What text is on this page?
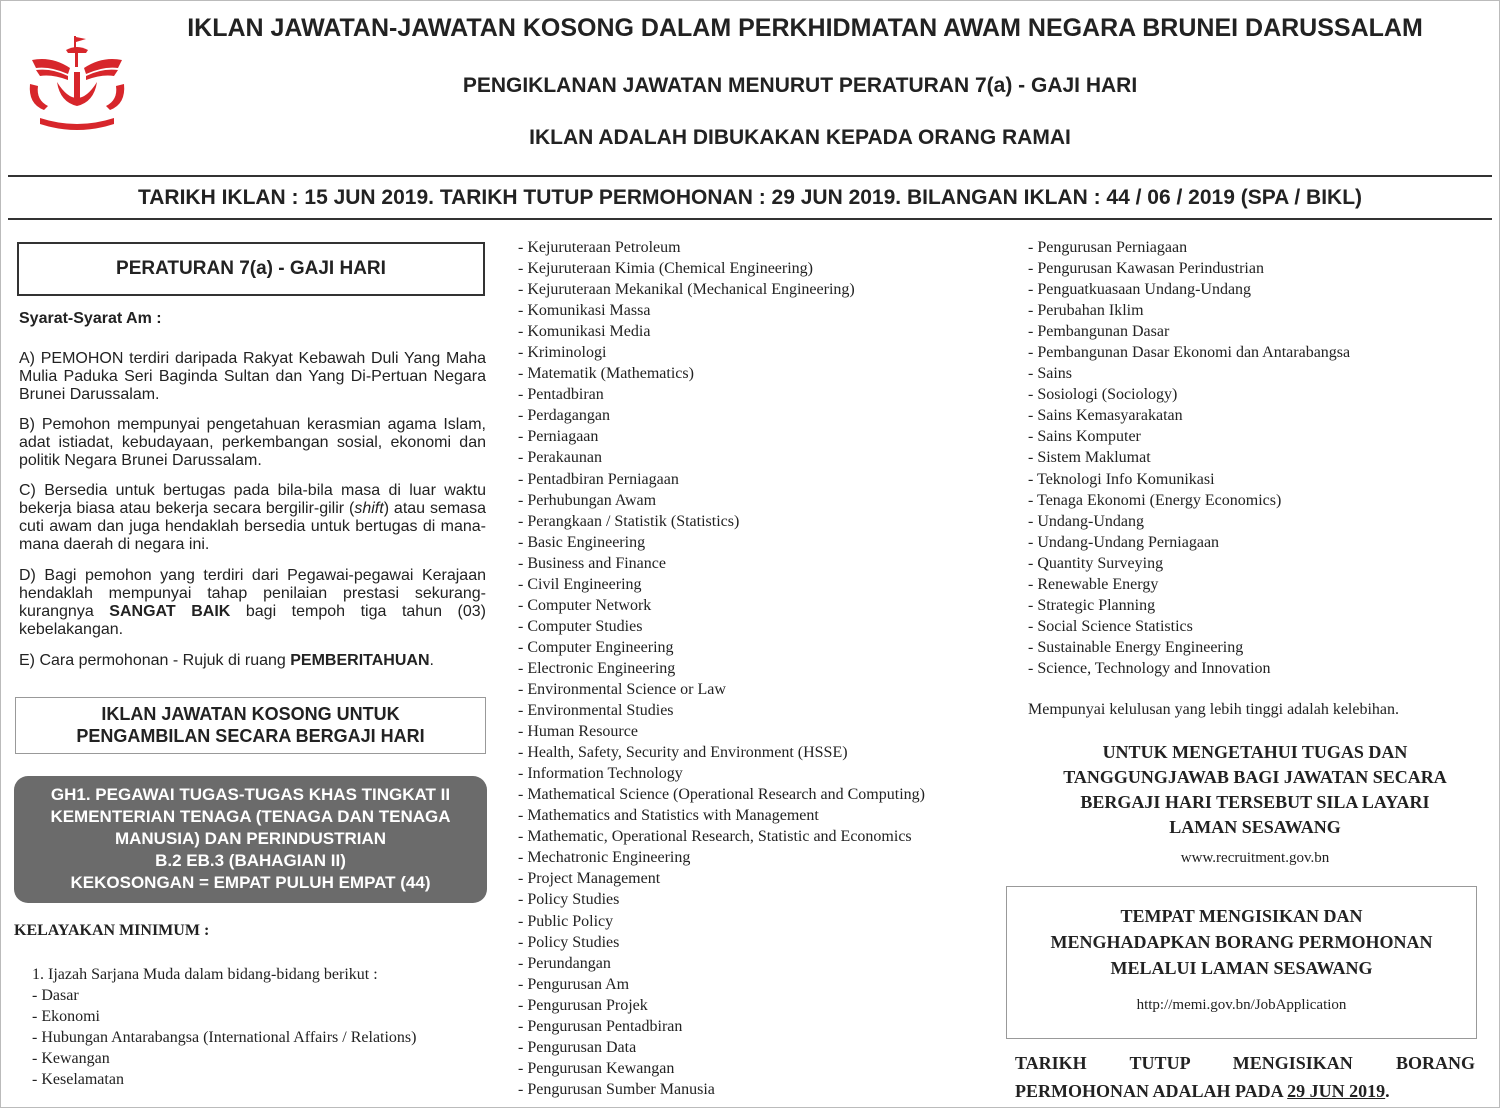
IKLAN JAWATAN-JAWATAN KOSONG DALAM PERKHIDMATAN AWAM NEGARA BRUNEI DARUSSALAM
PENGIKLANAN JAWATAN MENURUT PERATURAN 7(a) - GAJI HARI
IKLAN ADALAH DIBUKAKAN KEPADA ORANG RAMAI
TARIKH IKLAN : 15 JUN 2019. TARIKH TUTUP PERMOHONAN : 29 JUN 2019. BILANGAN IKLAN : 44 / 06 / 2019 (SPA / BIKL)
PERATURAN 7(a) - GAJI HARI
Syarat-Syarat Am :
A) PEMOHON terdiri daripada Rakyat Kebawah Duli Yang Maha Mulia Paduka Seri Baginda Sultan dan Yang Di-Pertuan Negara Brunei Darussalam.
B) Pemohon mempunyai pengetahuan kerasmian agama Islam, adat istiadat, kebudayaan, perkembangan sosial, ekonomi dan politik Negara Brunei Darussalam.
C) Bersedia untuk bertugas pada bila-bila masa di luar waktu bekerja biasa atau bekerja secara bergilir-gilir (shift) atau semasa cuti awam dan juga hendaklah bersedia untuk bertugas di mana-mana daerah di negara ini.
D) Bagi pemohon yang terdiri dari Pegawai-pegawai Kerajaan hendaklah mempunyai tahap penilaian prestasi sekurang-kurangnya SANGAT BAIK bagi tempoh tiga tahun (03) kebelakangan.
E) Cara permohonan - Rujuk di ruang PEMBERITAHUAN.
IKLAN JAWATAN KOSONG UNTUK
PENGAMBILAN SECARA BERGAJI HARI
GH1. PEGAWAI TUGAS-TUGAS KHAS TINGKAT II
KEMENTERIAN TENAGA (TENAGA DAN TENAGA
MANUSIA) DAN PERINDUSTRIAN
B.2 EB.3 (BAHAGIAN II)
KEKOSONGAN = EMPAT PULUH EMPAT (44)
KELAYAKAN MINIMUM :
1. Ijazah Sarjana Muda dalam bidang-bidang berikut :
- Dasar
- Ekonomi
- Hubungan Antarabangsa (International Affairs / Relations)
- Kewangan
- Keselamatan
- Kejuruteraan Petroleum
- Kejuruteraan Kimia (Chemical Engineering)
- Kejuruteraan Mekanikal (Mechanical Engineering)
- Komunikasi Massa
- Komunikasi Media
- Kriminologi
- Matematik (Mathematics)
- Pentadbiran
- Perdagangan
- Perniagaan
- Perakaunan
- Pentadbiran Perniagaan
- Perhubungan Awam
- Perangkaan / Statistik (Statistics)
- Basic Engineering
- Business and Finance
- Civil Engineering
- Computer Network
- Computer Studies
- Computer Engineering
- Electronic Engineering
- Environmental Science or Law
- Environmental Studies
- Human Resource
- Health, Safety, Security and Environment (HSSE)
- Information Technology
- Mathematical Science (Operational Research and Computing)
- Mathematics and Statistics with Management
- Mathematic, Operational Research, Statistic and Economics
- Mechatronic Engineering
- Project Management
- Policy Studies
- Public Policy
- Policy Studies
- Perundangan
- Pengurusan Am
- Pengurusan Projek
- Pengurusan Pentadbiran
- Pengurusan Data
- Pengurusan Kewangan
- Pengurusan Sumber Manusia
- Pengurusan Perniagaan
- Pengurusan Kawasan Perindustrian
- Penguatkuasaan Undang-Undang
- Perubahan Iklim
- Pembangunan Dasar
- Pembangunan Dasar Ekonomi dan Antarabangsa
- Sains
- Sosiologi (Sociology)
- Sains Kemasyarakatan
- Sains Komputer
- Sistem Maklumat
- Teknologi Info Komunikasi
- Tenaga Ekonomi (Energy Economics)
- Undang-Undang
- Undang-Undang Perniagaan
- Quantity Surveying
- Renewable Energy
- Strategic Planning
- Social Science Statistics
- Sustainable Energy Engineering
- Science, Technology and Innovation
Mempunyai kelulusan yang lebih tinggi adalah kelebihan.
UNTUK MENGETAHUI TUGAS DAN
TANGGUNGJAWAB BAGI JAWATAN SECARA
BERGAJI HARI TERSEBUT SILA LAYARI
LAMAN SESAWANG
www.recruitment.gov.bn
TEMPAT MENGISIKAN DAN
MENGHADAPKAN BORANG PERMOHONAN
MELALUI LAMAN SESAWANG
http://memi.gov.bn/JobApplication
TARIKH TUTUP MENGISIKAN BORANG
PERMOHONAN ADALAH PADA 29 JUN 2019.
